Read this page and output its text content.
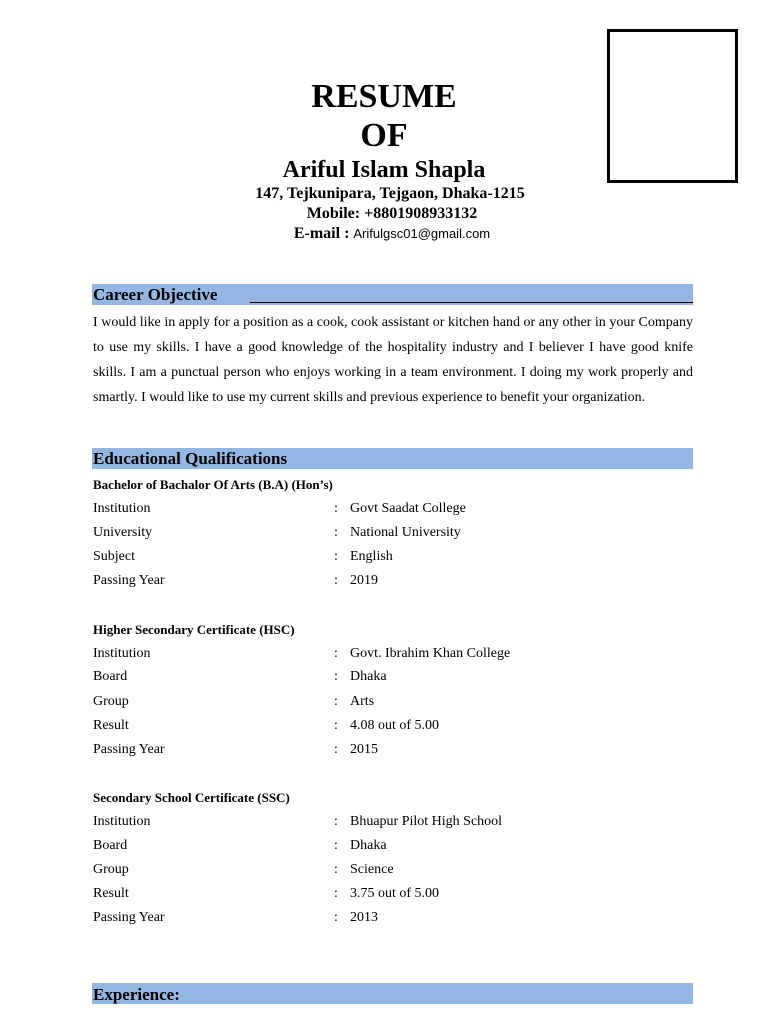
RESUME
OF
Ariful Islam Shapla
147, Tejkunipara, Tejgaon, Dhaka-1215
Mobile: +8801908933132
E-mail : Arifulgsc01@gmail.com
Career Objective
I would like in apply for a position as a cook, cook assistant or kitchen hand or any other in your Company to use my skills. I have a good knowledge of the hospitality industry and I believer I have good knife skills. I am a punctual person who enjoys working in a team environment. I doing my work properly and smartly. I would like to use my current skills and previous experience to benefit your organization.
Educational Qualifications
Bachelor of Bachalor Of Arts (B.A) (Hon’s)
Institution	: Govt Saadat College
University	: National University
Subject	: English
Passing Year	: 2019
Higher Secondary Certificate (HSC)
Institution	: Govt. Ibrahim Khan College
Board	: Dhaka
Group	: Arts
Result	: 4.08 out of 5.00
Passing Year	: 2015
Secondary School Certificate (SSC)
Institution	: Bhuapur Pilot High School
Board	: Dhaka
Group	: Science
Result	: 3.75 out of 5.00
Passing Year	: 2013
Experience:
